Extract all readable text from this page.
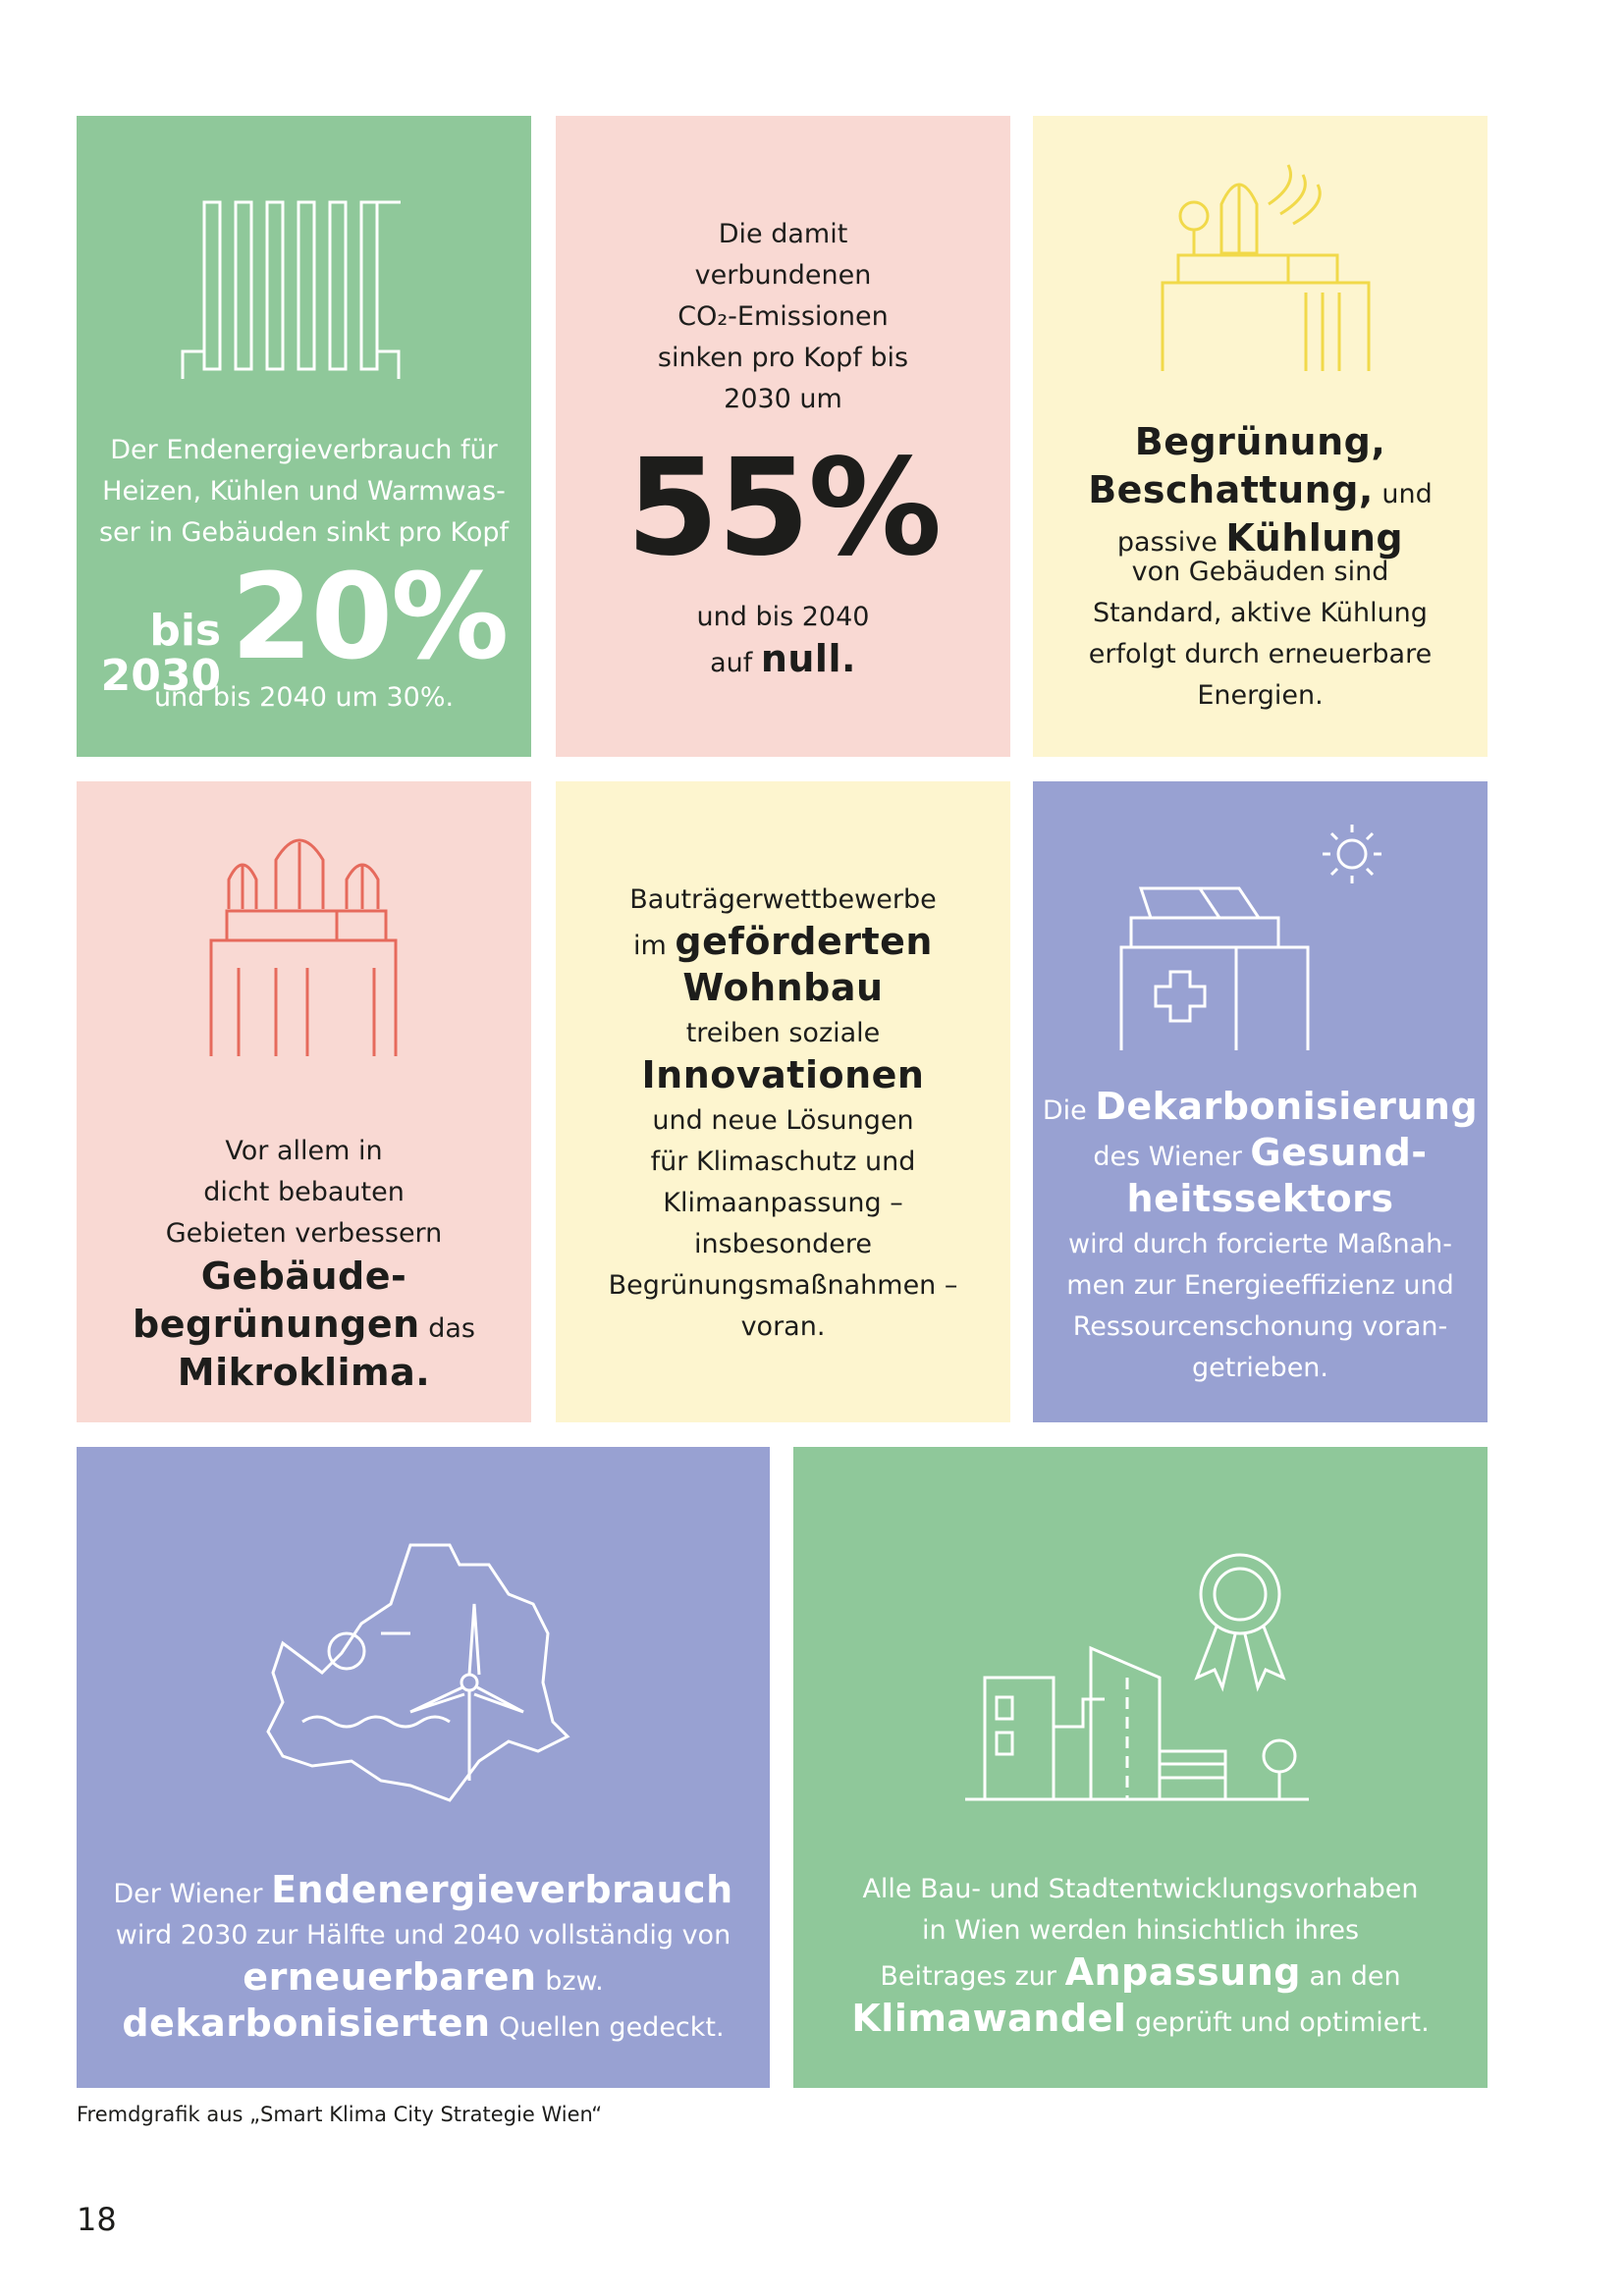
Der Endenergieverbrauch für
Heizen, Kühlen und Warmwas-
ser in Gebäuden sinkt pro Kopf
bis
203020%
und bis 2040 um 30%.
Die damit
verbundenen
CO₂-Emissionen
sinken pro Kopf bis
2030 um
55%
und bis 2040
auf null.
Begrünung,
Beschattung, und
passive Kühlung
von Gebäuden sind
Standard, aktive Kühlung
erfolgt durch erneuerbare
Energien.
Vor allem in
dicht bebauten
Gebieten verbessern
Gebäude-
begrünungen das
Mikroklima.
Bauträgerwettbewerbe
im geförderten
Wohnbau
treiben soziale
Innovationen
und neue Lösungen
für Klimaschutz und
Klimaanpassung –
insbesondere
Begrünungsmaßnahmen –
voran.
Die Dekarbonisierung
des Wiener Gesund-
heitssektors
wird durch forcierte Maßnah-
men zur Energieeffizienz und
Ressourcenschonung voran-
getrieben.
Der Wiener Endenergieverbrauch
wird 2030 zur Hälfte und 2040 vollständig von
erneuerbaren bzw.
dekarbonisierten Quellen gedeckt.
Alle Bau- und Stadtentwicklungsvorhaben
in Wien werden hinsichtlich ihres
Beitrages zur Anpassung an den
Klimawandel geprüft und optimiert.
Fremdgrafik aus „Smart Klima City Strategie Wien“
18
